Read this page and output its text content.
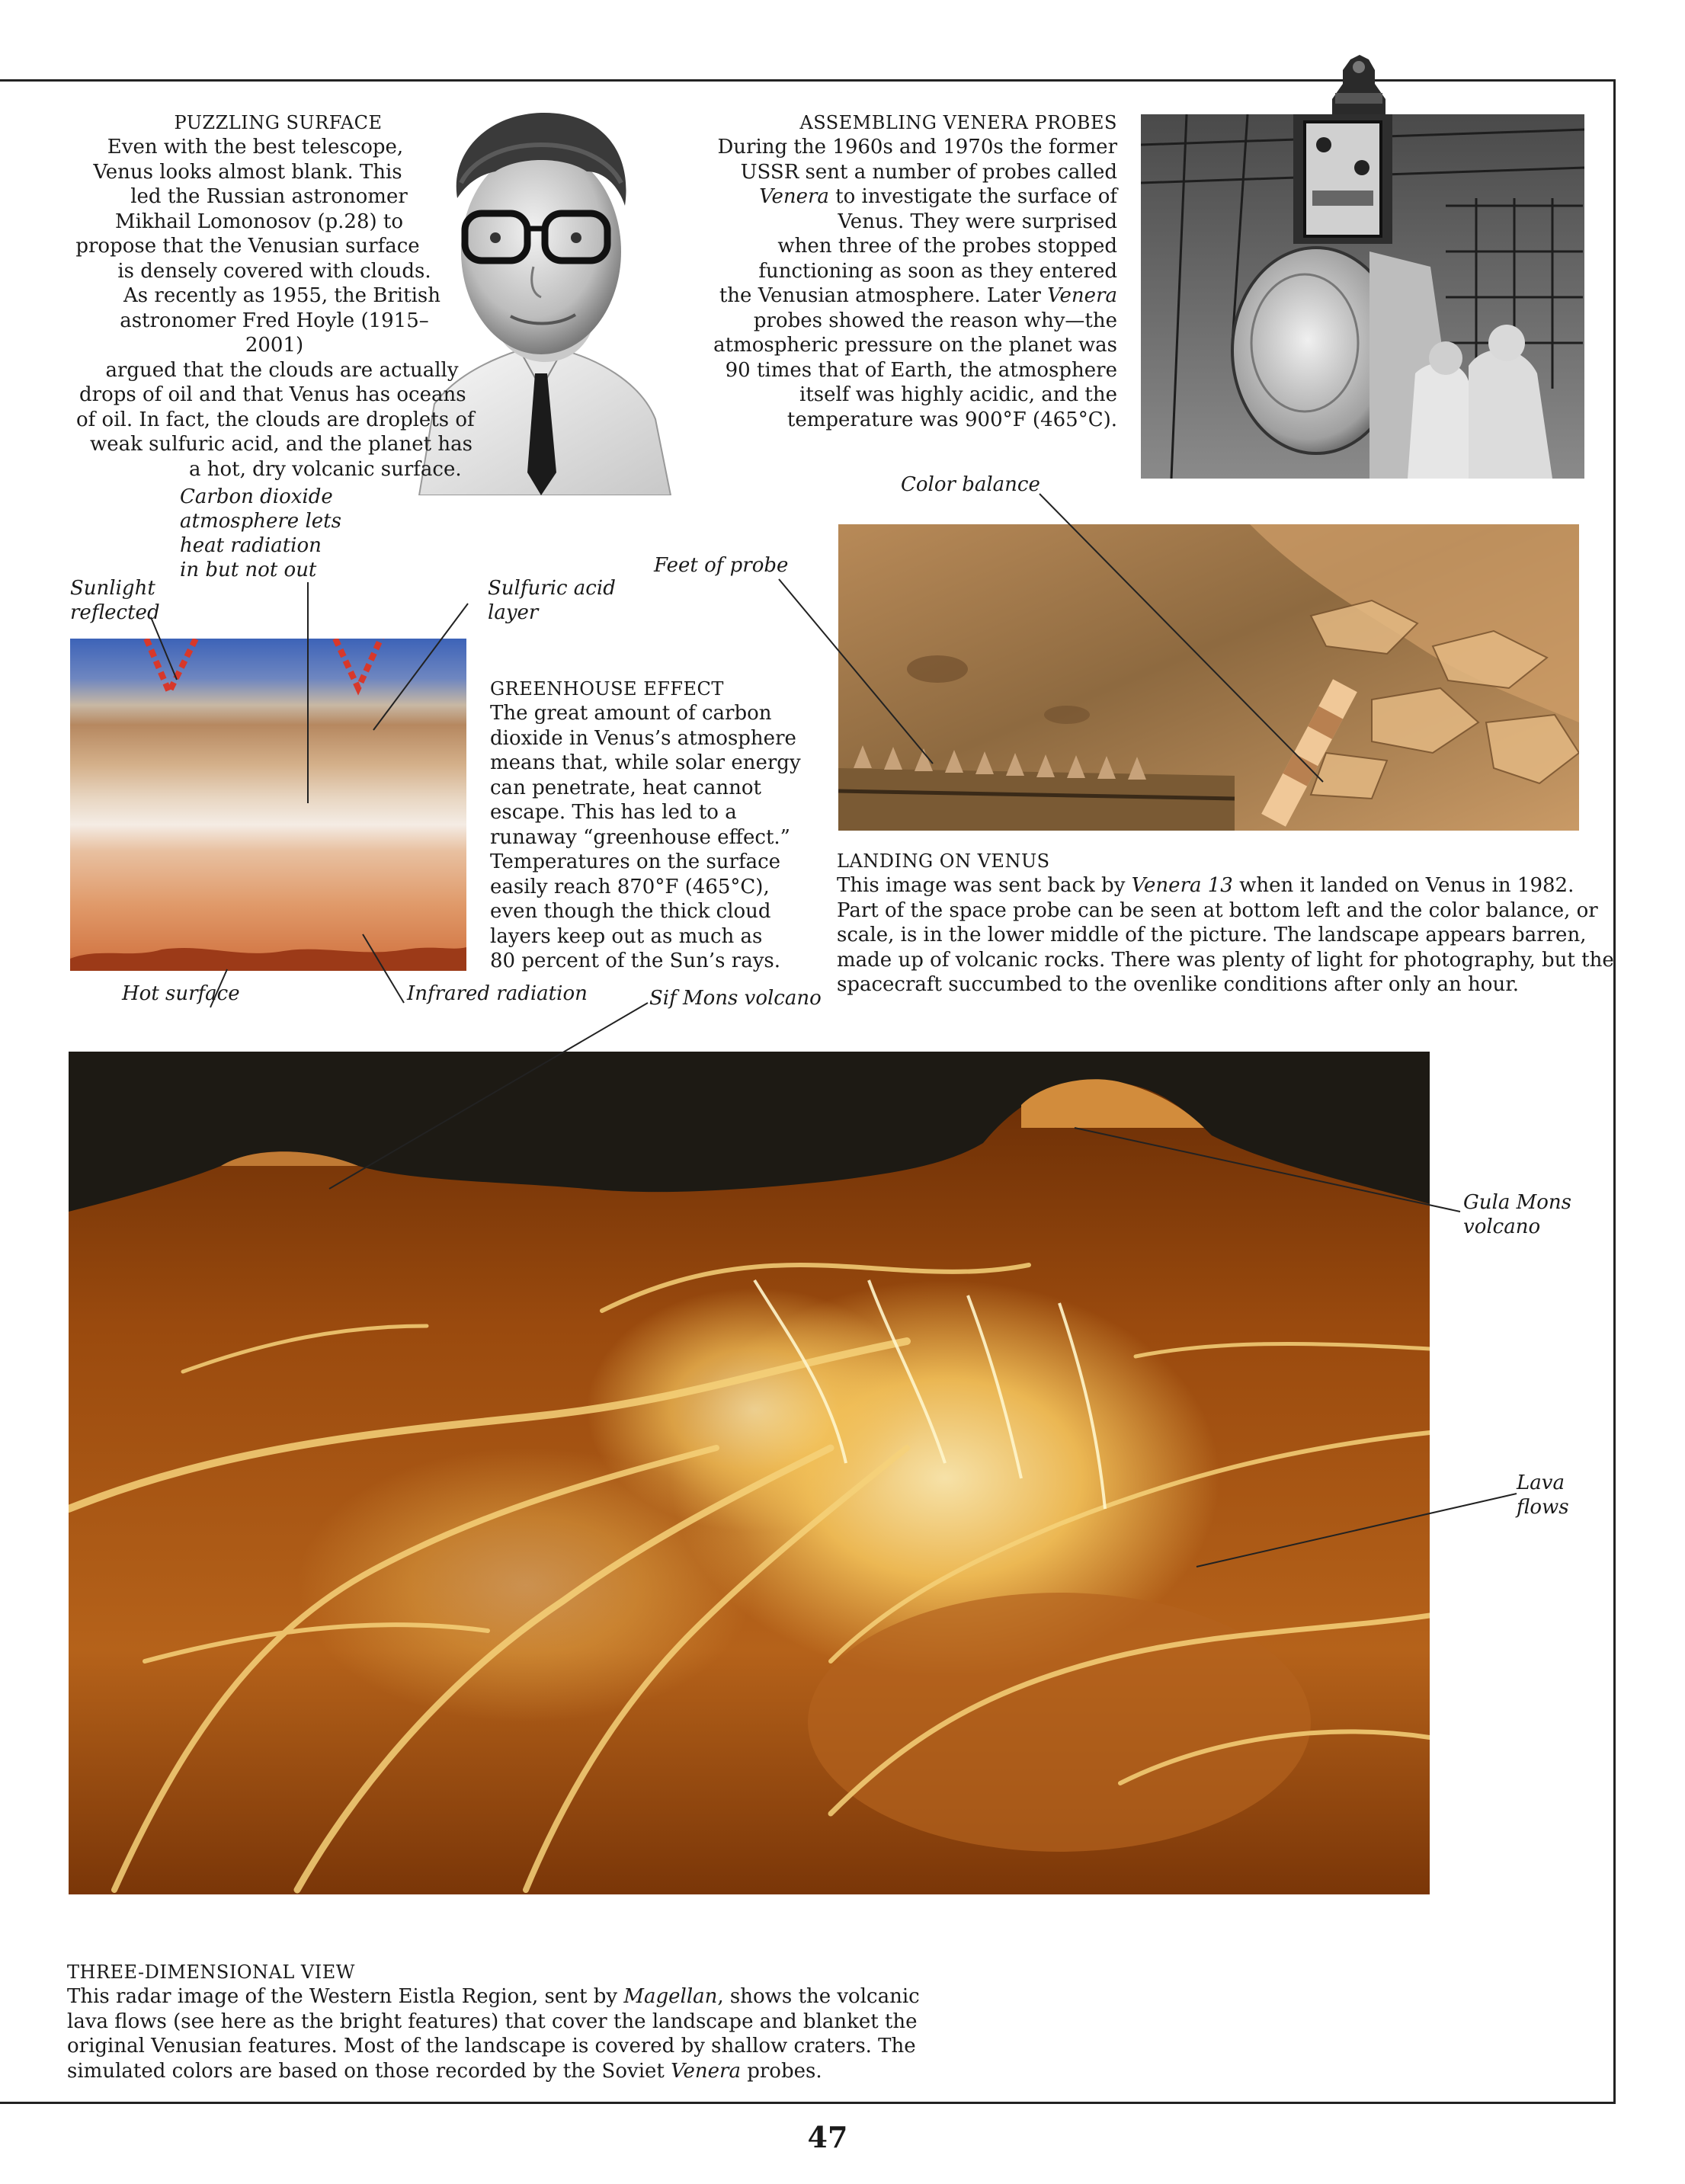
PUZZLING SURFACE
Even with the best telescope,
Venus looks almost blank. This
led the Russian astronomer
Mikhail Lomonosov (p.28) to
propose that the Venusian surface
is densely covered with clouds.
As recently as 1955, the British
astronomer Fred Hoyle (1915–2001)
argued that the clouds are actually
drops of oil and that Venus has oceans
of oil. In fact, the clouds are droplets of
weak sulfuric acid, and the planet has
a hot, dry volcanic surface.
ASSEMBLING VENERA PROBES
During the 1960s and 1970s the former
USSR sent a number of probes called
Venera to investigate the surface of
Venus. They were surprised
when three of the probes stopped
functioning as soon as they entered
the Venusian atmosphere. Later Venera
probes showed the reason why—the
atmospheric pressure on the planet was
90 times that of Earth, the atmosphere
itself was highly acidic, and the
temperature was 900°F (465°C).
Carbon dioxide
atmosphere lets
heat radiation
in but not out
Sunlight
reflected
Sulfuric acid
layer
Hot surface	Infrared radiation
GREENHOUSE EFFECT
The great amount of carbon
dioxide in Venus’s atmosphere
means that, while solar energy
can penetrate, heat cannot
escape. This has led to a
runaway “greenhouse effect.”
Temperatures on the surface
easily reach 870°F (465°C),
even though the thick cloud
layers keep out as much as
80 percent of the Sun’s rays.
Color balance
Feet of probe
LANDING ON VENUS
This image was sent back by Venera 13 when it landed on Venus in 1982.
Part of the space probe can be seen at bottom left and the color balance, or
scale, is in the lower middle of the picture. The landscape appears barren,
made up of volcanic rocks. There was plenty of light for photography, but the
spacecraft succumbed to the ovenlike conditions after only an hour.
Sif Mons volcano
Gula Mons
volcano
Lava
flows
THREE-DIMENSIONAL VIEW
This radar image of the Western Eistla Region, sent by Magellan, shows the volcanic
lava flows (see here as the bright features) that cover the landscape and blanket the
original Venusian features. Most of the landscape is covered by shallow craters. The
simulated colors are based on those recorded by the Soviet Venera probes.
47
